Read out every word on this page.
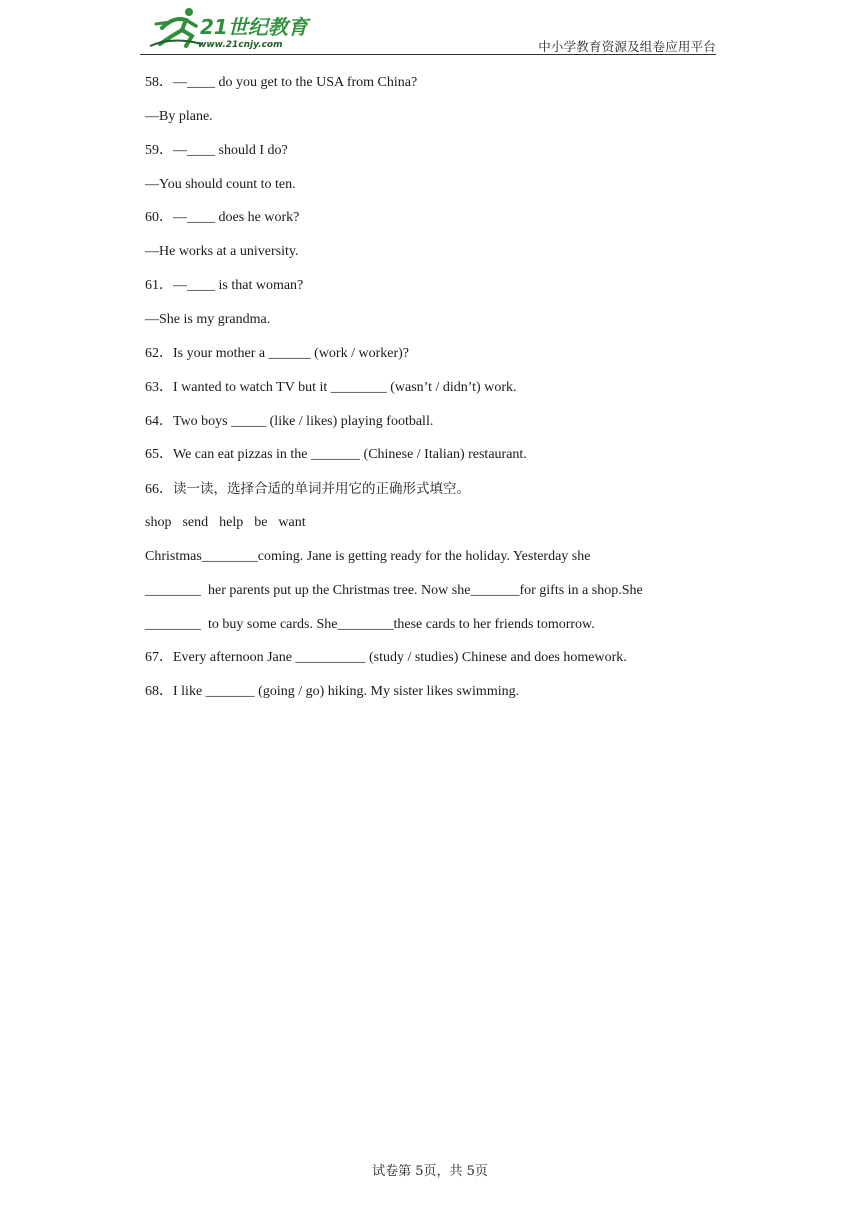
21世纪教育
www.21cnjy.com	中小学教育资源及组卷应用平台
58．—____ do you get to the USA from China?
—By plane.
59．—____ should I do?
—You should count to ten.
60．—____ does he work?
—He works at a university.
61．—____ is that woman?
—She is my grandma.
62．Is your mother a ______ (work / worker)?
63．I wanted to watch TV but it ________ (wasn’t / didn’t) work.
64．Two boys _____ (like / likes) playing football.
65．We can eat pizzas in the _______ (Chinese / Italian) restaurant.
66．读一读，选择合适的单词并用它的正确形式填空。
shop  send  help  be  want
Christmas________coming. Jane is getting ready for the holiday. Yesterday she
________  her parents put up the Christmas tree. Now she_______for gifts in a shop.She
________  to buy some cards. She________these cards to her friends tomorrow.
67．Every afternoon Jane __________ (study / studies) Chinese and does homework.
68．I like _______ (going / go) hiking. My sister likes swimming.
试卷第 5页，共 5页
